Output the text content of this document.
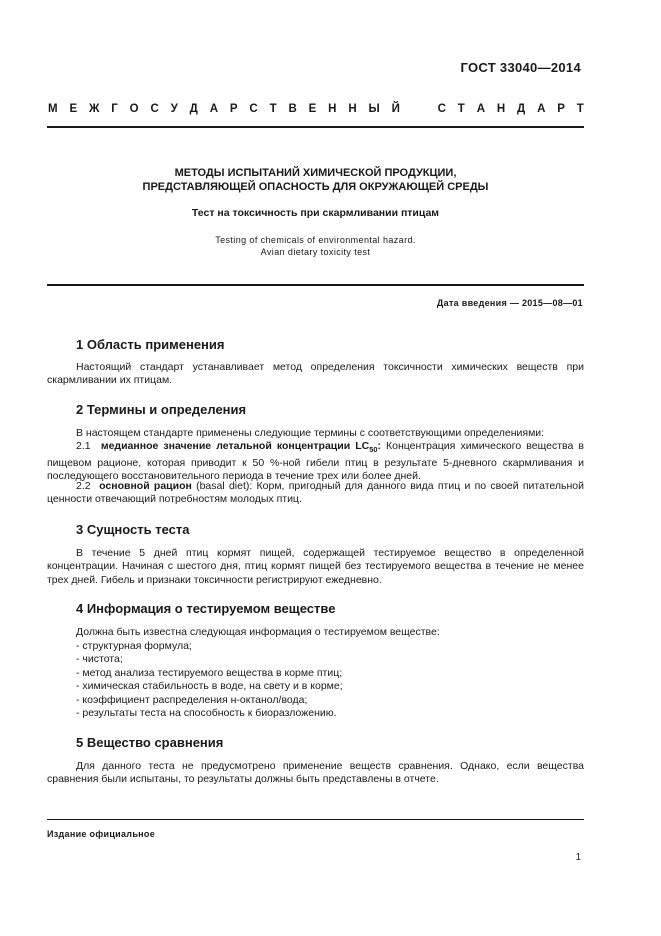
ГОСТ 33040—2014
М Е Ж Г О С У Д А Р С Т В Е Н Н Ы Й	С Т А Н Д А Р Т
МЕТОДЫ ИСПЫТАНИЙ ХИМИЧЕСКОЙ ПРОДУКЦИИ,
ПРЕДСТАВЛЯЮЩЕЙ ОПАСНОСТЬ ДЛЯ ОКРУЖАЮЩЕЙ СРЕДЫ
Тест на токсичность при скармливании птицам
Testing of chemicals of environmental hazard.
Avian dietary toxicity test
Дата введения — 2015—08—01
1 Область применения
Настоящий стандарт устанавливает метод определения токсичности химических веществ при скармливании их птицам.
2 Термины и определения
В настоящем стандарте применены следующие термины с соответствующими определениями:
2.1 медианное значение летальной концентрации $LC_{50}$: Концентрация химического вещества в пищевом рационе, которая приводит к 50 %-ной гибели птиц в результате 5-дневного скармливания и последующего восстановительного периода в течение трех или более дней.
2.2 основной рацион (basal diet): Корм, пригодный для данного вида птиц и по своей питательной ценности отвечающий потребностям молодых птиц.
3 Сущность теста
В течение 5 дней птиц кормят пищей, содержащей тестируемое вещество в определенной концентрации. Начиная с шестого дня, птиц кормят пищей без тестируемого вещества в течение не менее трех дней. Гибель и признаки токсичности регистрируют ежедневно.
4 Информация о тестируемом веществе
Должна быть известна следующая информация о тестируемом веществе:
- структурная формула;
- чистота;
- метод анализа тестируемого вещества в корме птиц;
- химическая стабильность в воде, на свету и в корме;
- коэффициент распределения н-октанол/вода;
- результаты теста на способность к биоразложению.
5 Вещество сравнения
Для данного теста не предусмотрено применение веществ сравнения. Однако, если вещества сравнения были испытаны, то результаты должны быть представлены в отчете.
Издание официальное
1
